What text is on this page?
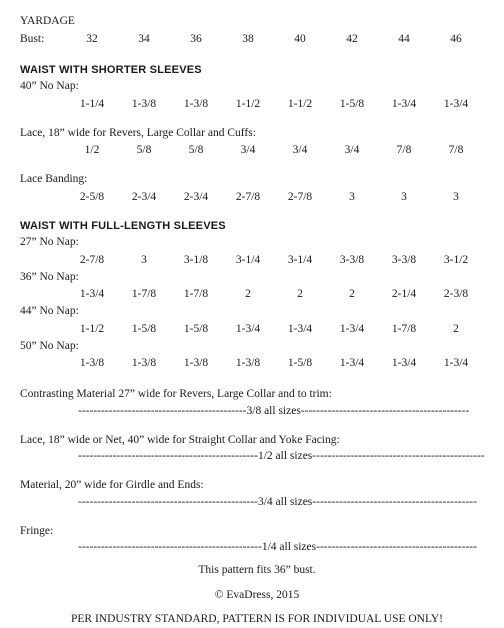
YARDAGE
Bust:	32	34	36	38	40	42	44	46
WAIST WITH SHORTER SLEEVES
40” No Nap:
1-1/4 1-3/8 1-3/8 1-1/2 1-1/2 1-5/8 1-3/4 1-3/4
Lace, 18” wide for Revers, Large Collar and Cuffs:
1/2	5/8	5/8	3/4	3/4	3/4	7/8	7/8
Lace Banding:
2-5/8 2-3/4 2-3/4 2-7/8 2-7/8	3	3	3
WAIST WITH FULL-LENGTH SLEEVES
27” No Nap:
2-7/8	3	3-1/8 3-1/4 3-1/4 3-3/8 3-3/8 3-1/2
36” No Nap:
1-3/4 1-7/8 1-7/8	2	2	2	2-1/4 2-3/8
44” No Nap:
1-1/2 1-5/8 1-5/8 1-3/4 1-3/4 1-3/4 1-7/8	2
50” No Nap:
1-3/8 1-3/8 1-3/8 1-3/8 1-5/8 1-3/4 1-3/4 1-3/4
Contrasting Material 27” wide for Revers, Large Collar and to trim:
--------------------------------------------3/8 all sizes--------------------------------------------
Lace, 18” wide or Net, 40” wide for Straight Collar and Yoke Facing:
-----------------------------------------------1/2 all sizes---------------------------------------------
Material, 20” wide for Girdle and Ends:
-----------------------------------------------3/4 all sizes-------------------------------------------
Fringe:
------------------------------------------------1/4 all sizes------------------------------------------
This pattern fits 36” bust.
© EvaDress, 2015
PER INDUSTRY STANDARD, PATTERN IS FOR INDIVIDUAL USE ONLY!
